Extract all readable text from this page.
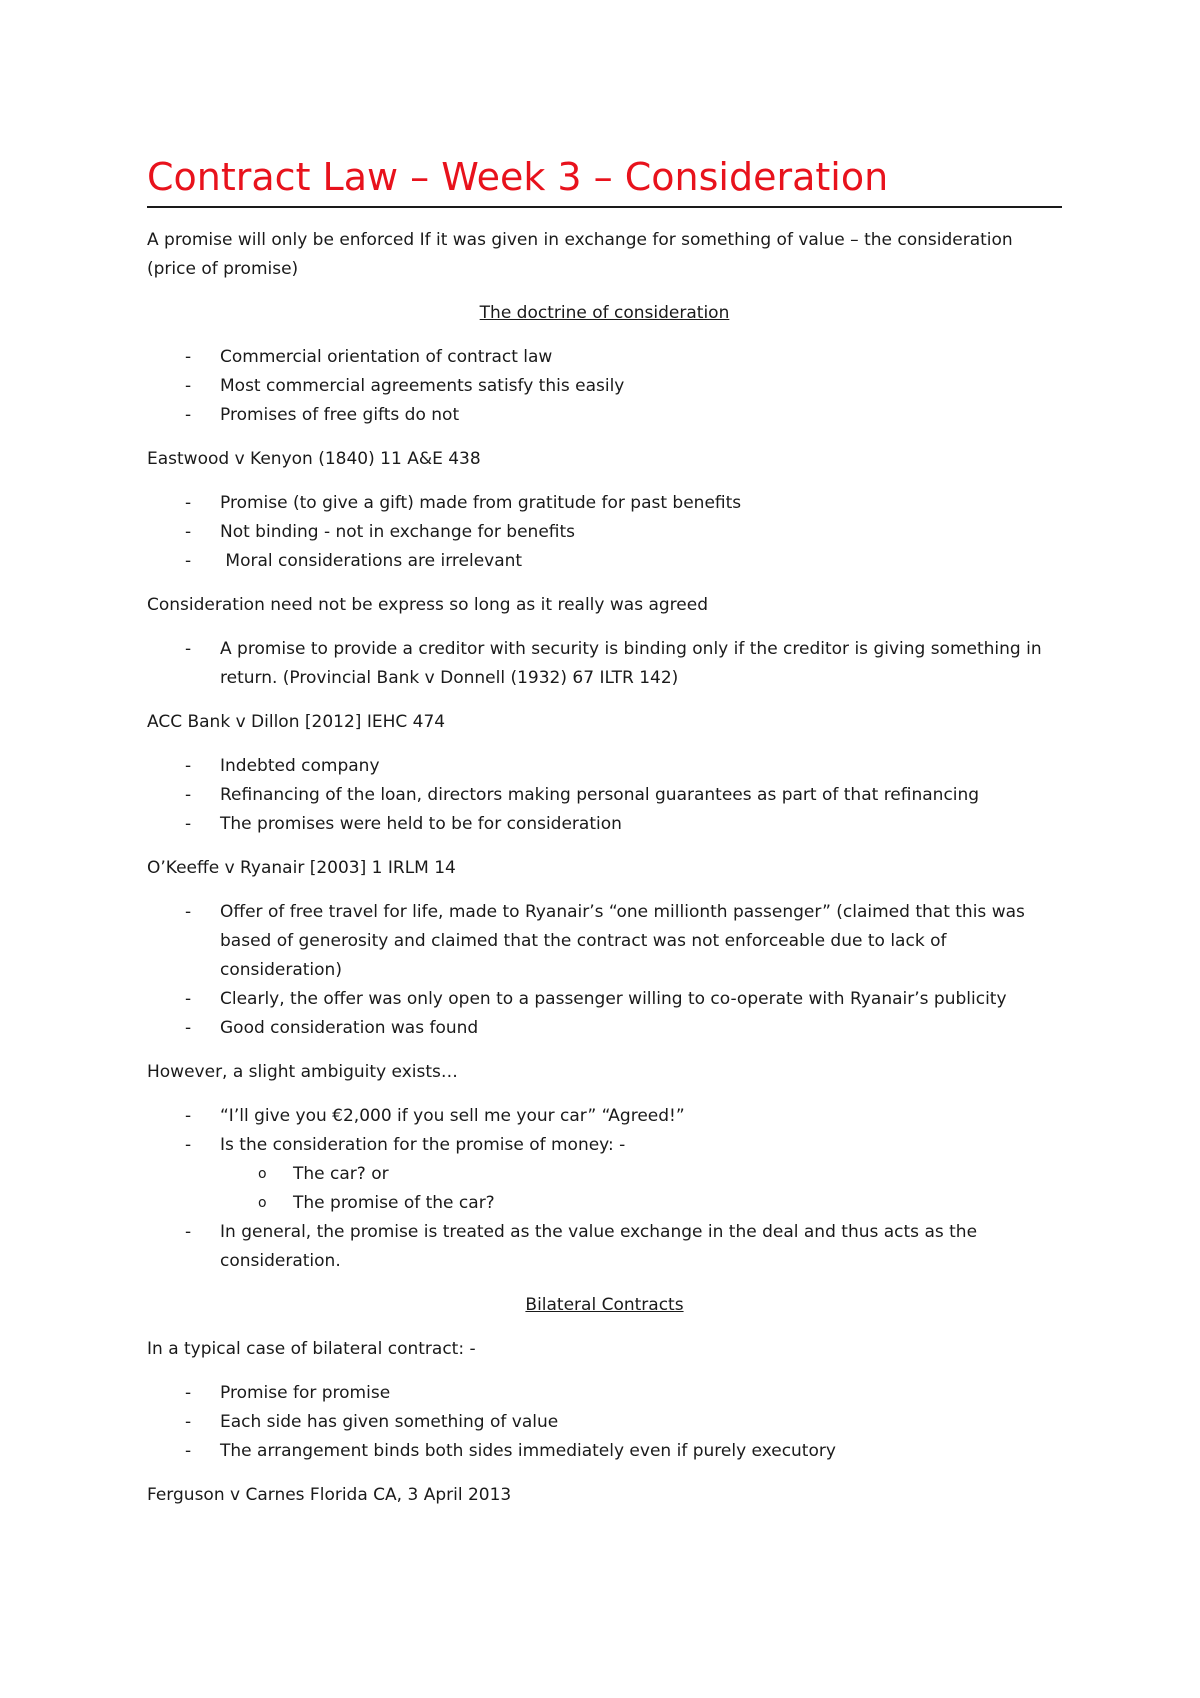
Contract Law – Week 3 – Consideration

A promise will only be enforced If it was given in exchange for something of value – the consideration (price of promise)

The doctrine of consideration

- Commercial orientation of contract law
- Most commercial agreements satisfy this easily
- Promises of free gifts do not

Eastwood v Kenyon (1840) 11 A&E 438

- Promise (to give a gift) made from gratitude for past benefits
- Not binding - not in exchange for benefits
- Moral considerations are irrelevant

Consideration need not be express so long as it really was agreed

- A promise to provide a creditor with security is binding only if the creditor is giving something in return. (Provincial Bank v Donnell (1932) 67 ILTR 142)

ACC Bank v Dillon [2012] IEHC 474

- Indebted company
- Refinancing of the loan, directors making personal guarantees as part of that refinancing
- The promises were held to be for consideration

O’Keeffe v Ryanair [2003] 1 IRLM 14

- Offer of free travel for life, made to Ryanair’s “one millionth passenger” (claimed that this was based of generosity and claimed that the contract was not enforceable due to lack of consideration)
- Clearly, the offer was only open to a passenger willing to co-operate with Ryanair’s publicity
- Good consideration was found

However, a slight ambiguity exists…

- “I’ll give you €2,000 if you sell me your car” “Agreed!”
- Is the consideration for the promise of money: -
o The car? or
o The promise of the car?
- In general, the promise is treated as the value exchange in the deal and thus acts as the consideration.

Bilateral Contracts

In a typical case of bilateral contract: -

- Promise for promise
- Each side has given something of value
- The arrangement binds both sides immediately even if purely executory

Ferguson v Carnes Florida CA, 3 April 2013
